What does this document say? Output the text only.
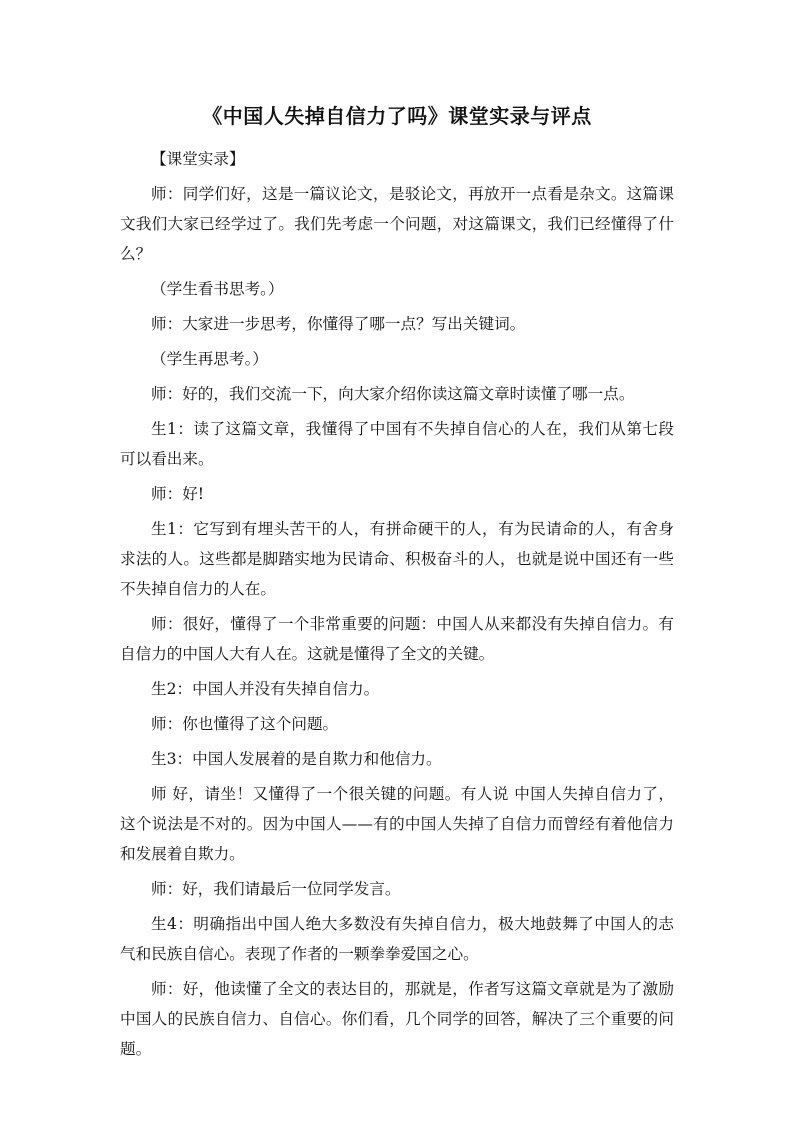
《中国人失掉自信力了吗》课堂实录与评点

【课堂实录】

师：同学们好，这是一篇议论文，是驳论文，再放开一点看是杂文。这篇课文我们大家已经学过了。我们先考虑一个问题，对这篇课文，我们已经懂得了什么？

（学生看书思考。）

师：大家进一步思考，你懂得了哪一点？写出关键词。

（学生再思考。）

师：好的，我们交流一下，向大家介绍你读这篇文章时读懂了哪一点。

生1：读了这篇文章，我懂得了中国有不失掉自信心的人在，我们从第七段可以看出来。

师：好!

生1：它写到有埋头苦干的人，有拼命硬干的人，有为民请命的人，有舍身求法的人。这些都是脚踏实地为民请命、积极奋斗的人，也就是说中国还有一些不失掉自信力的人在。

师：很好，懂得了一个非常重要的问题：中国人从来都没有失掉自信力。有自信力的中国人大有人在。这就是懂得了全文的关键。

生2：中国人并没有失掉自信力。

师：你也懂得了这个问题。

生3：中国人发展着的是自欺力和他信力。

师 好，请坐！又懂得了一个很关键的问题。有人说 中国人失掉自信力了，这个说法是不对的。因为中国人——有的中国人失掉了自信力而曾经有着他信力和发展着自欺力。

师：好，我们请最后一位同学发言。

生4：明确指出中国人绝大多数没有失掉自信力，极大地鼓舞了中国人的志气和民族自信心。表现了作者的一颗拳拳爱国之心。

师：好，他读懂了全文的表达目的，那就是，作者写这篇文章就是为了激励中国人的民族自信力、自信心。你们看，几个同学的回答，解决了三个重要的问题。
